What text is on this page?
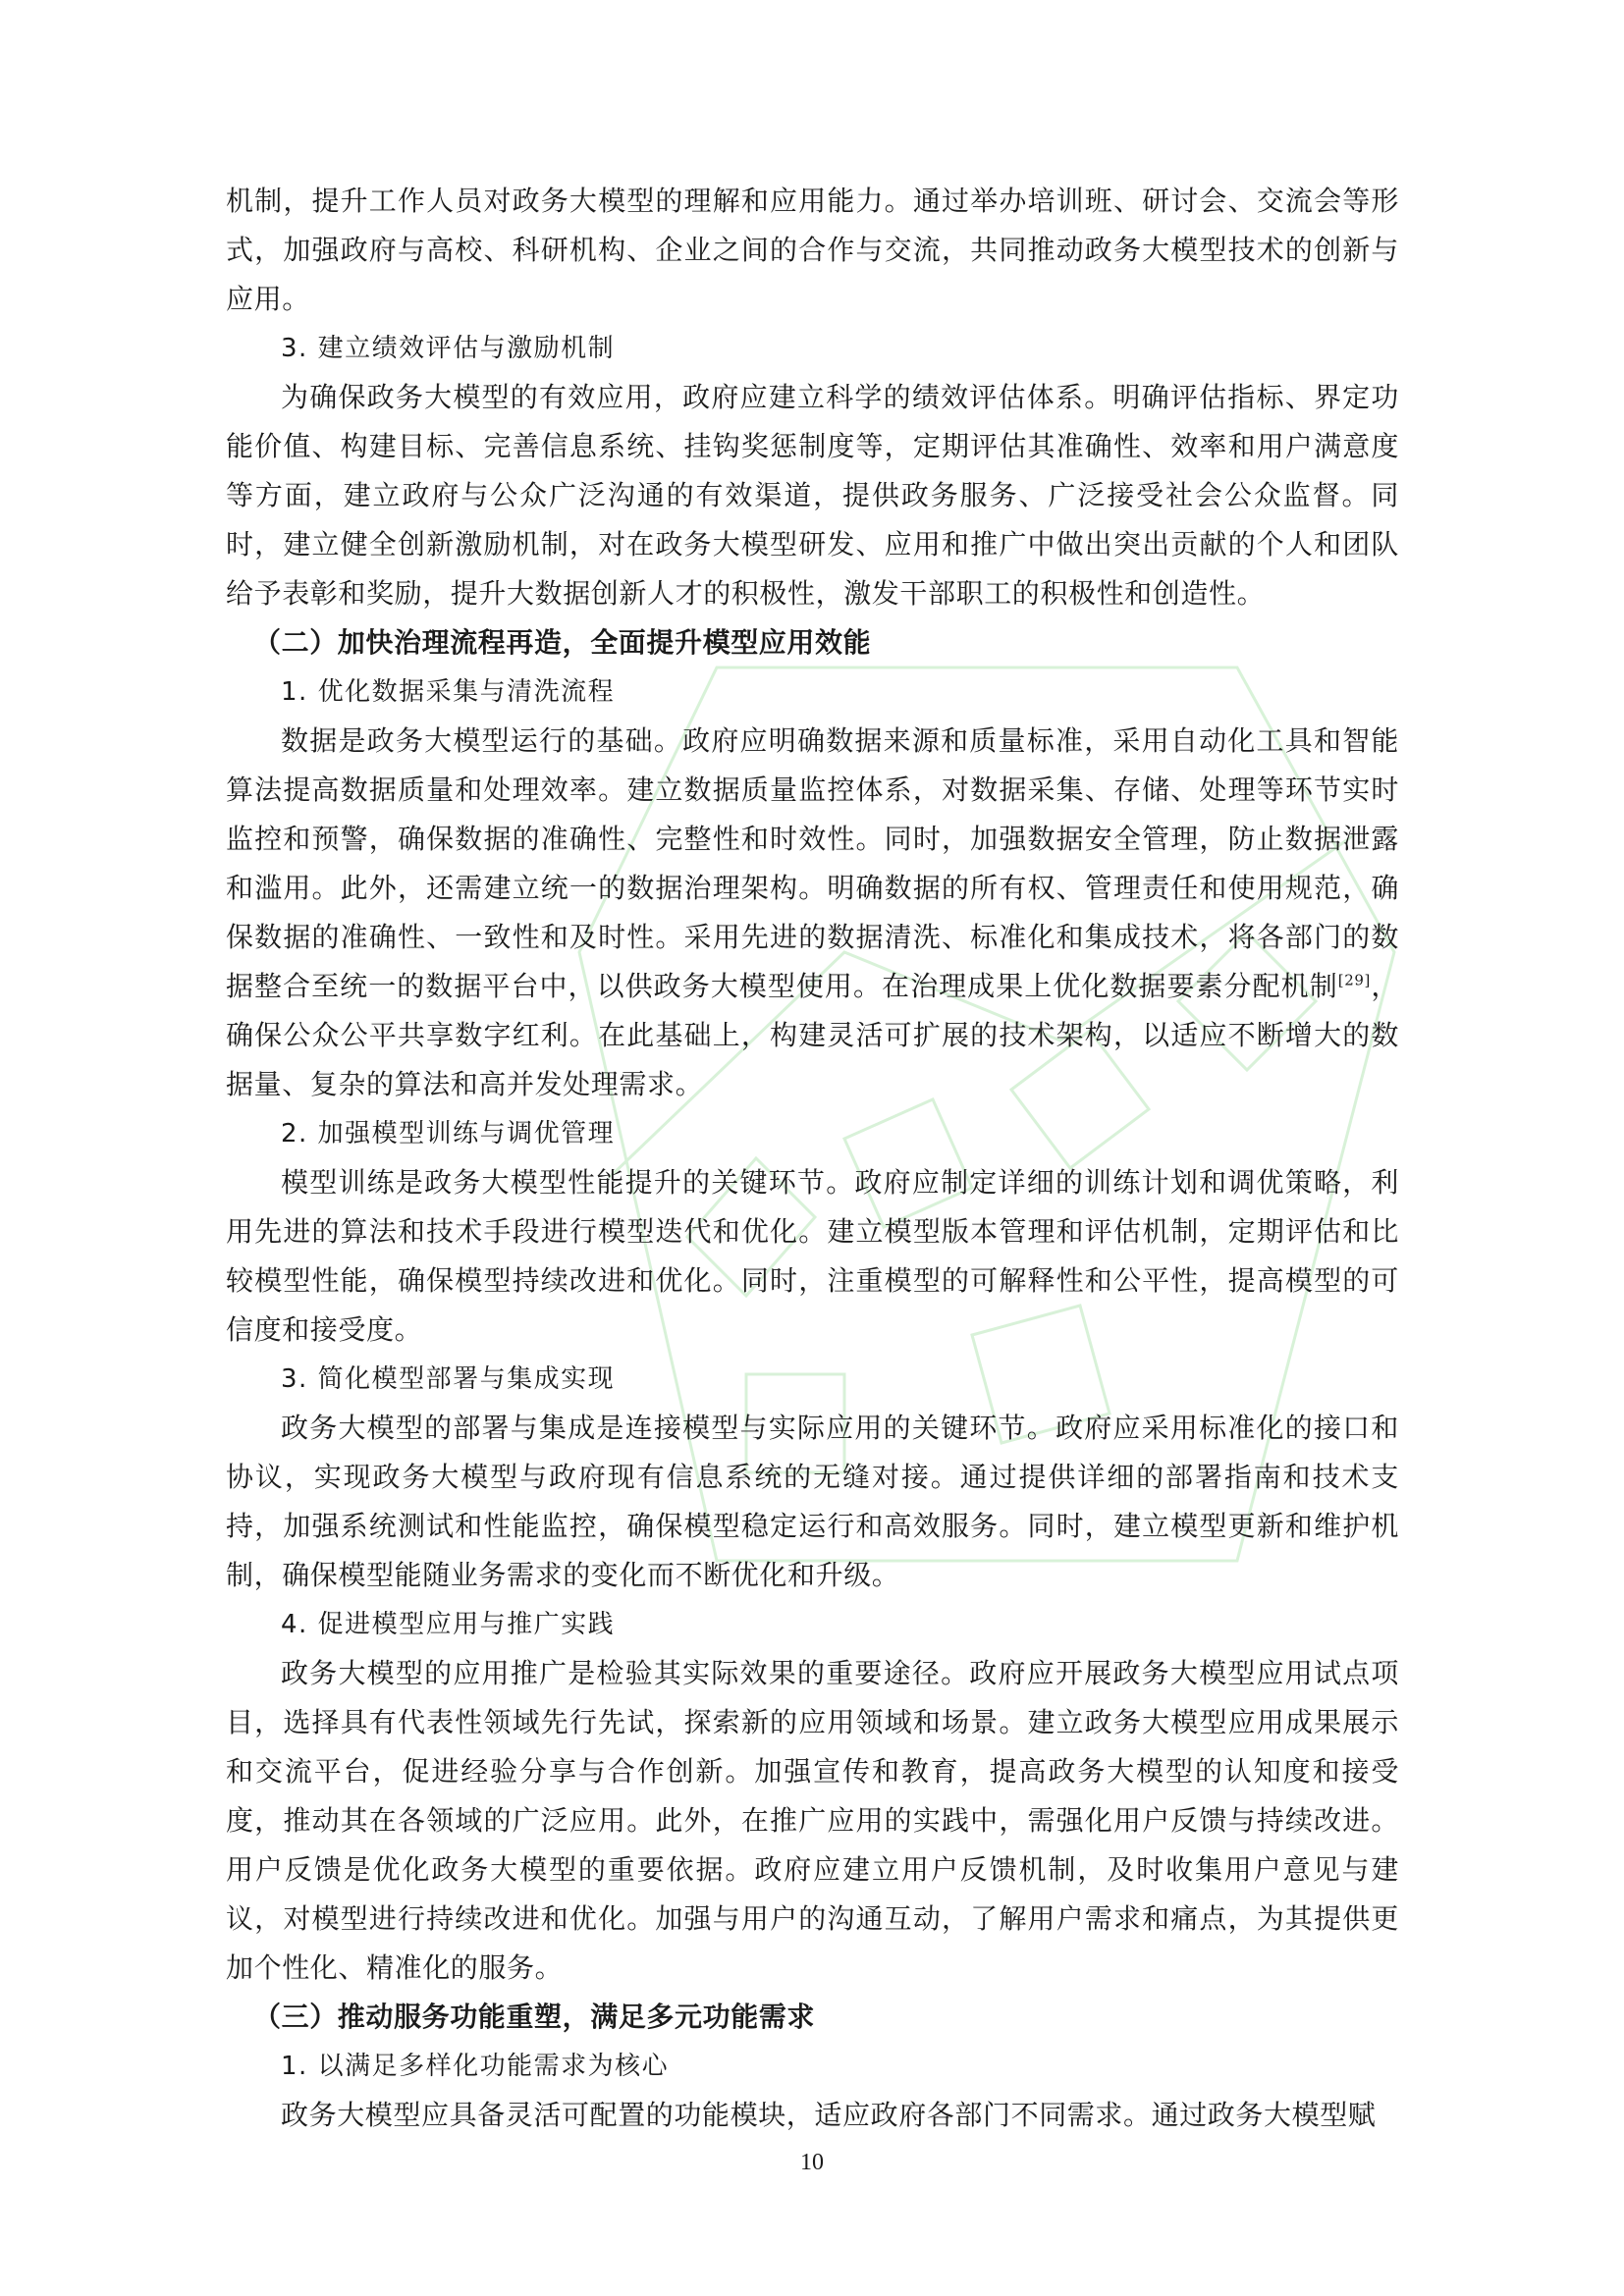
机制，提升工作人员对政务大模型的理解和应用能力。通过举办培训班、研讨会、交流会等形式，加强政府与高校、科研机构、企业之间的合作与交流，共同推动政务大模型技术的创新与应用。

3. 建立绩效评估与激励机制

为确保政务大模型的有效应用，政府应建立科学的绩效评估体系。明确评估指标、界定功能价值、构建目标、完善信息系统、挂钩奖惩制度等，定期评估其准确性、效率和用户满意度等方面，建立政府与公众广泛沟通的有效渠道，提供政务服务、广泛接受社会公众监督。同时，建立健全创新激励机制，对在政务大模型研发、应用和推广中做出突出贡献的个人和团队给予表彰和奖励，提升大数据创新人才的积极性，激发干部职工的积极性和创造性。

（二）加快治理流程再造，全面提升模型应用效能

1. 优化数据采集与清洗流程

数据是政务大模型运行的基础。政府应明确数据来源和质量标准，采用自动化工具和智能算法提高数据质量和处理效率。建立数据质量监控体系，对数据采集、存储、处理等环节实时监控和预警，确保数据的准确性、完整性和时效性。同时，加强数据安全管理，防止数据泄露和滥用。此外，还需建立统一的数据治理架构。明确数据的所有权、管理责任和使用规范，确保数据的准确性、一致性和及时性。采用先进的数据清洗、标准化和集成技术，将各部门的数据整合至统一的数据平台中，以供政务大模型使用。在治理成果上优化数据要素分配机制[29]，确保公众公平共享数字红利。在此基础上，构建灵活可扩展的技术架构，以适应不断增大的数据量、复杂的算法和高并发处理需求。

2. 加强模型训练与调优管理

模型训练是政务大模型性能提升的关键环节。政府应制定详细的训练计划和调优策略，利用先进的算法和技术手段进行模型迭代和优化。建立模型版本管理和评估机制，定期评估和比较模型性能，确保模型持续改进和优化。同时，注重模型的可解释性和公平性，提高模型的可信度和接受度。

3. 简化模型部署与集成实现

政务大模型的部署与集成是连接模型与实际应用的关键环节。政府应采用标准化的接口和协议，实现政务大模型与政府现有信息系统的无缝对接。通过提供详细的部署指南和技术支持，加强系统测试和性能监控，确保模型稳定运行和高效服务。同时，建立模型更新和维护机制，确保模型能随业务需求的变化而不断优化和升级。

4. 促进模型应用与推广实践

政务大模型的应用推广是检验其实际效果的重要途径。政府应开展政务大模型应用试点项目，选择具有代表性领域先行先试，探索新的应用领域和场景。建立政务大模型应用成果展示和交流平台，促进经验分享与合作创新。加强宣传和教育，提高政务大模型的认知度和接受度，推动其在各领域的广泛应用。此外，在推广应用的实践中，需强化用户反馈与持续改进。用户反馈是优化政务大模型的重要依据。政府应建立用户反馈机制，及时收集用户意见与建议，对模型进行持续改进和优化。加强与用户的沟通互动，了解用户需求和痛点，为其提供更加个性化、精准化的服务。

（三）推动服务功能重塑，满足多元功能需求

1. 以满足多样化功能需求为核心

政务大模型应具备灵活可配置的功能模块，适应政府各部门不同需求。通过政务大模型赋

10
